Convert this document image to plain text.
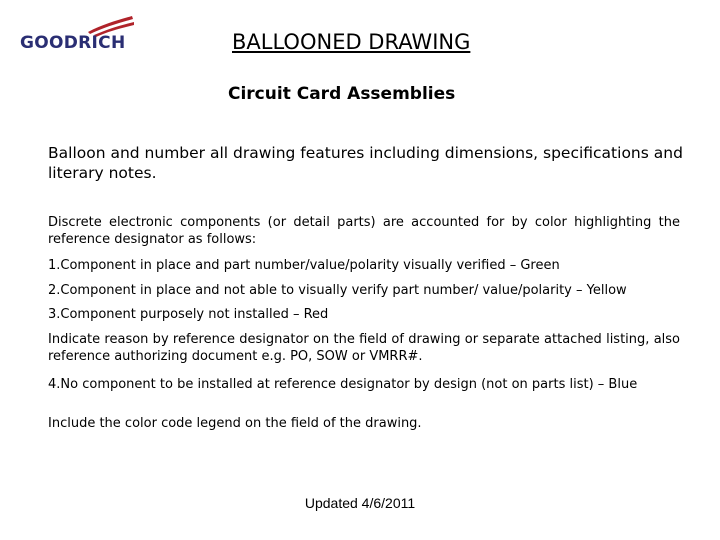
GOODRICH	BALLOONED DRAWING
Circuit Card Assemblies

Balloon and number all drawing features including dimensions, specifications and literary notes.

Discrete electronic components (or detail parts) are accounted for by color highlighting the reference designator as follows:

1.Component in place and part number/value/polarity visually verified – Green

2.Component in place and not able to visually verify part number/ value/polarity – Yellow

3.Component purposely not installed – Red

Indicate reason by reference designator on the field of drawing or separate attached listing, also reference authorizing document e.g. PO, SOW or VMRR#.

4.No component to be installed at reference designator by design (not on parts list) – Blue

Include the color code legend on the field of the drawing.

Updated 4/6/2011
